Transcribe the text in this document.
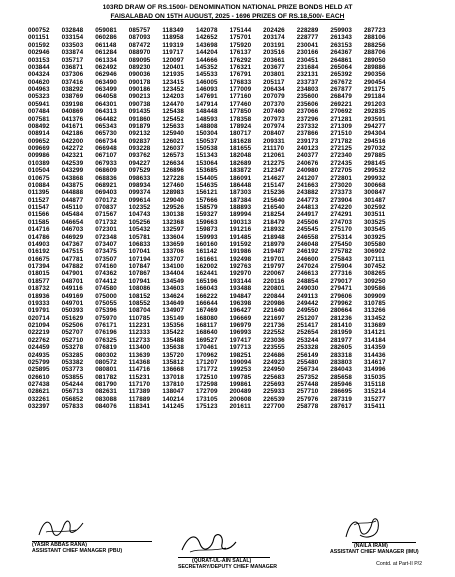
103RD DRAW OF RS.1500/- DENOMINATION NATIONAL PRIZE BONDS HELD AT
FAISALABAD ON 15TH AUGUST, 2025 - 1696 PRIZES OF RS.18,500/- EACH
000752	032848	059081	085757	118349	142078	175144	202426	228289	259903	287723
001151	033154	060286	087093	118958	142652	175701	203174	228777	261343	288106
001592	033503	061148	087472	119319	143698	175920	203191	230041	263153	288256
002946	033874	061284	088970	119717	144204	176137	203516	230166	264367	288706
003153	035717	061334	089095	120097	144666	176292	203661	230451	264861	289050
003844	036871	062492	089230	120401	145352	176321	203677	231684	265064	289886
004324	037306	062946	090036	121935	145533	176791	203801	232131	265392	290356
004620	037416	063490	090178	123415	146005	176833	205117	233737	267672	290454
004963	038292	063499	090186	123452	146093	177009	206434	234803	267877	291175
005323	038769	064058	090213	124203	147691	177160	207079	235600	268479	291184
005941	039198	064301	090738	124470	147914	177460	207370	235606	269221	291203
007484	040869	064313	091435	125438	148448	177850	207460	237066	270692	292835
007581	041376	064482	091860	125452	148593	178358	207973	237296	271281	293591
008492	041671	065343	091879	125633	148808	178924	207974	237332	271309	294277
008914	042186	065730	092132	125940	150304	180717	208407	237866	271510	294304
009652	042200	066734	092837	126021	150537	181628	209331	239173	271782	294516
009669	042272	066948	093228	126037	150538	181655	211170	240123	272125	297032
009986	042321	067107	093762	126573	151343	182048	212061	240377	272340	297885
010389	042539	067933	094227	126634	153064	182689	212275	240676	272435	298145
010504	043299	068609	097529	126896	153685	183872	212347	240980	272705	299532
010675	043868	068836	098633	127228	154405	186091	214627	241207	272801	299932
010884	043875	068921	098934	127460	154635	186448	215147	241663	273020	300668
011395	044888	069403	099374	128983	156121	187303	215236	243882	273373	300847
011527	044877	070172	099614	129040	157666	187384	215640	244773	273904	301487
011547	045110	070837	102352	129526	158579	188893	216540	244813	274220	302592
011566	045484	071567	104743	130138	159327	189994	218254	244917	274291	303511
011585	046654	071732	105256	132368	159663	190313	218479	245506	274703	303525
014716	046703	072301	105432	132597	159873	191216	218932	245545	275170	303545
014786	046929	072348	105781	133604	159993	191485	218948	246558	275314	303925
014903	047367	073407	106833	133659	160160	191592	218979	246048	275450	305580
016192	047515	073475	107041	133706	161142	191986	219487	246192	275782	306902
016675	047781	073507	107194	133707	161661	192498	219701	246600	275843	307111
017394	047882	074160	107847	134100	162002	192763	219797	247024	275904	307452
018015	047901	074362	107867	134404	162441	192970	220067	246613	277316	308265
018577	048701	074412	107941	134549	165196	193144	220116	248854	279017	309250
018732	049116	074580	108086	134603	166043	193488	220801	249030	279471	309586
018936	049169	075000	108152	134624	166222	194847	220844	249113	279606	309909
019333	049701	075055	108552	134649	166644	196398	220986	249442	279962	310785
019791	050393	075396	108704	134907	167469	196427	221640	249550	280664	313266
020714	051629	075970	110785	135149	168080	196669	221697	251207	281236	313452
021094	052506	076171	112231	135356	168117	196979	221736	251417	281410	313689
022219	052707	076196	112333	135422	168640	196993	222552	252654	281959	314121
022762	052710	076325	112733	135488	169527	197417	223036	253244	281977	314184
024459	053278	076819	113400	135638	170461	197713	223555	253328	282605	314359
024935	053285	080302	113639	135720	170962	198251	224686	256149	283318	314436
025799	053382	080572	114368	135812	171207	199094	224923	255480	283803	314617
025895	053773	080801	114716	136668	171772	199253	224950	256734	284043	314996
026610	053855	081782	115231	137018	172510	199785	225683	257352	285658	315035
027438	054244	081790	117170	137810	172598	199861	225693	257448	285946	315118
028621	056713	082631	117389	138047	172709	200489	225933	257710	286695	315214
032261	056852	083088	117889	140214	173105	200608	226539	257976	287319	315277
032397	057833	084076	118341	141245	175123	201611	227700	258778	287617	315411
(YASIR ABBAS RANA)
ASSISTANT CHIEF MANAGER (PBU)
(NAILA IRAM)
ASSISTANT CHIEF MANAGER (IMU)
(QURAT-UL-AIN SALAL)
SECRETARY/DEPUTY CHIEF MANAGER
Contd. at Part-II P/2
